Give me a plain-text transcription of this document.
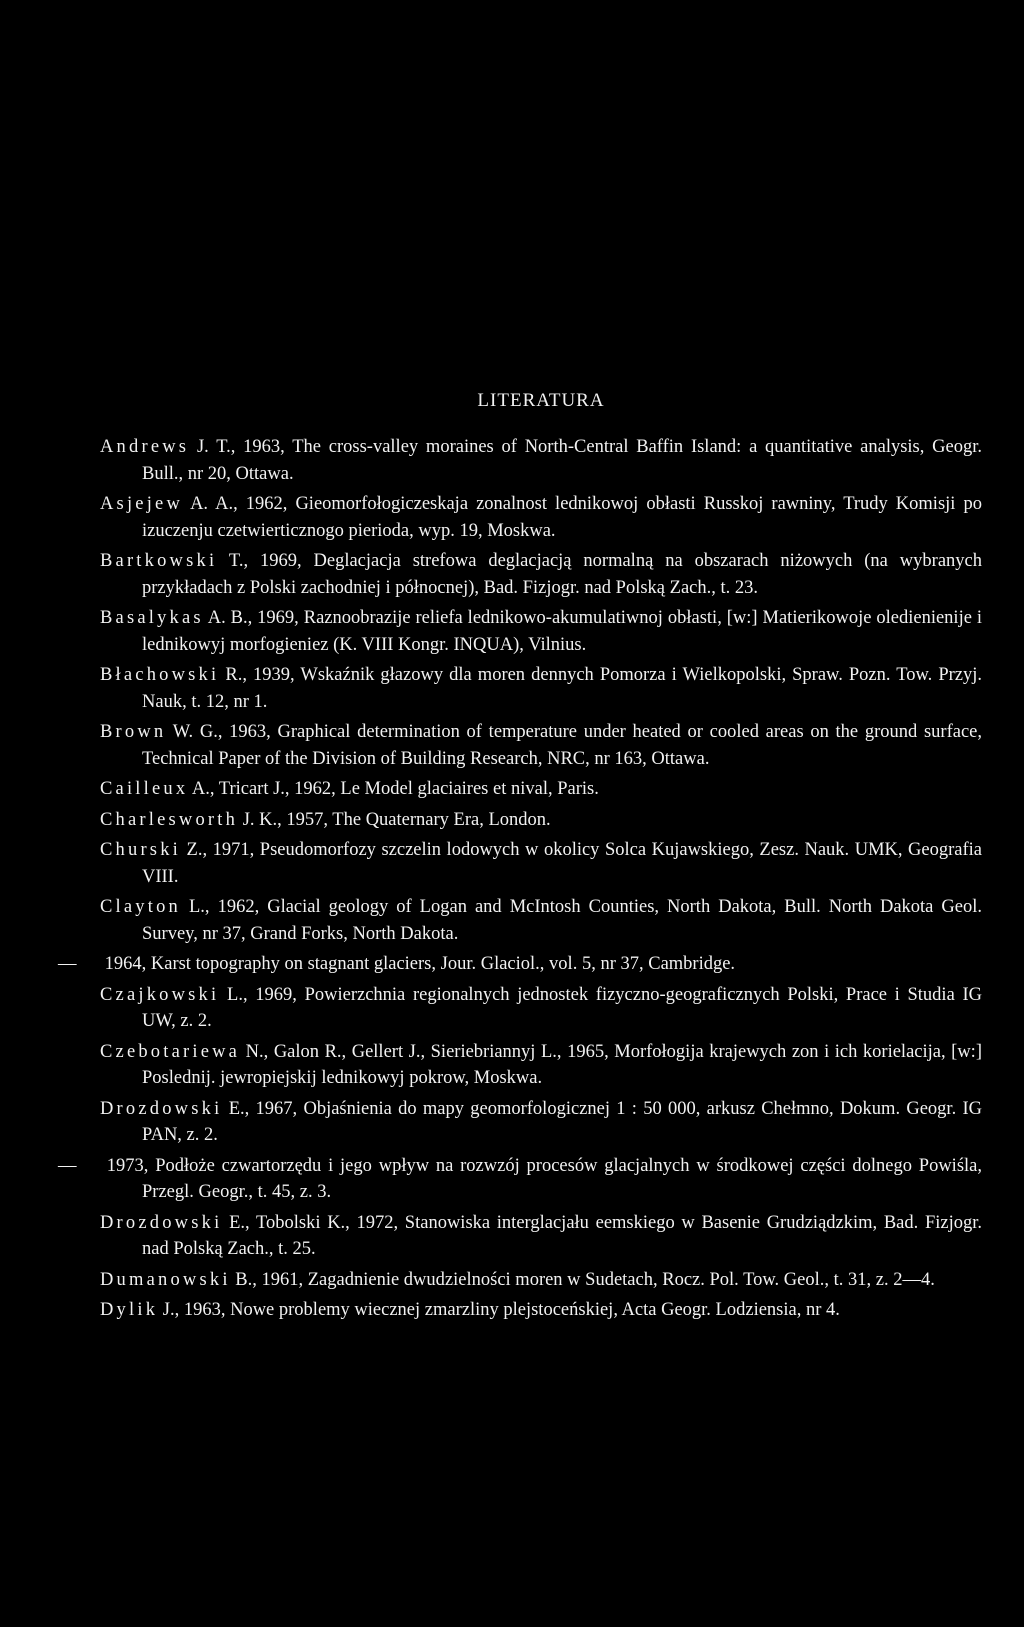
LITERATURA

Andrews J. T., 1963, The cross-valley moraines of North-Central Baffin Island: a quantitative analysis, Geogr. Bull., nr 20, Ottawa.

Asjejew A. A., 1962, Gieomorfołogiczeskaja zonalnost lednikowoj obłasti Russkoj rawniny, Trudy Komisji po izuczenju czetwierticznogo pierioda, wyp. 19, Moskwa.

Bartkowski T., 1969, Deglacjacja strefowa deglacjacją normalną na obszarach niżowych (na wybranych przykładach z Polski zachodniej i północnej), Bad. Fizjogr. nad Polską Zach., t. 23.

Basalykas A. B., 1969, Raznoobrazije reliefa lednikowo-akumulatiwnoj obłasti, [w:] Matierikowoje oledienienije i lednikowyj morfogieniez (K. VIII Kongr. INQUA), Vilnius.

Błachowski R., 1939, Wskaźnik głazowy dla moren dennych Pomorza i Wielkopolski, Spraw. Pozn. Tow. Przyj. Nauk, t. 12, nr 1.

Brown W. G., 1963, Graphical determination of temperature under heated or cooled areas on the ground surface, Technical Paper of the Division of Building Research, NRC, nr 163, Ottawa.

Cailleux A., Tricart J., 1962, Le Model glaciaires et nival, Paris.

Charlesworth J. K., 1957, The Quaternary Era, London.

Churski Z., 1971, Pseudomorfozy szczelin lodowych w okolicy Solca Kujawskiego, Zesz. Nauk. UMK, Geografia VIII.

Clayton L., 1962, Glacial geology of Logan and McIntosh Counties, North Dakota, Bull. North Dakota Geol. Survey, nr 37, Grand Forks, North Dakota.

— 1964, Karst topography on stagnant glaciers, Jour. Glaciol., vol. 5, nr 37, Cambridge.

Czajkowski L., 1969, Powierzchnia regionalnych jednostek fizyczno-geograficznych Polski, Prace i Studia IG UW, z. 2.

Czebotariewa N., Galon R., Gellert J., Sieriebriannyj L., 1965, Morfołogija krajewych zon i ich korielacija, [w:] Poslednij. jewropiejskij lednikowyj pokrow, Moskwa.

Drozdowski E., 1967, Objaśnienia do mapy geomorfologicznej 1 : 50 000, arkusz Chełmno, Dokum. Geogr. IG PAN, z. 2.

— 1973, Podłoże czwartorzędu i jego wpływ na rozwzój procesów glacjalnych w środkowej części dolnego Powiśla, Przegl. Geogr., t. 45, z. 3.

Drozdowski E., Tobolski K., 1972, Stanowiska interglacjału eemskiego w Basenie Grudziądzkim, Bad. Fizjogr. nad Polską Zach., t. 25.

Dumanowski B., 1961, Zagadnienie dwudzielności moren w Sudetach, Rocz. Pol. Tow. Geol., t. 31, z. 2—4.

Dylik J., 1963, Nowe problemy wiecznej zmarzliny plejstoceńskiej, Acta Geogr. Lodziensia, nr 4.
